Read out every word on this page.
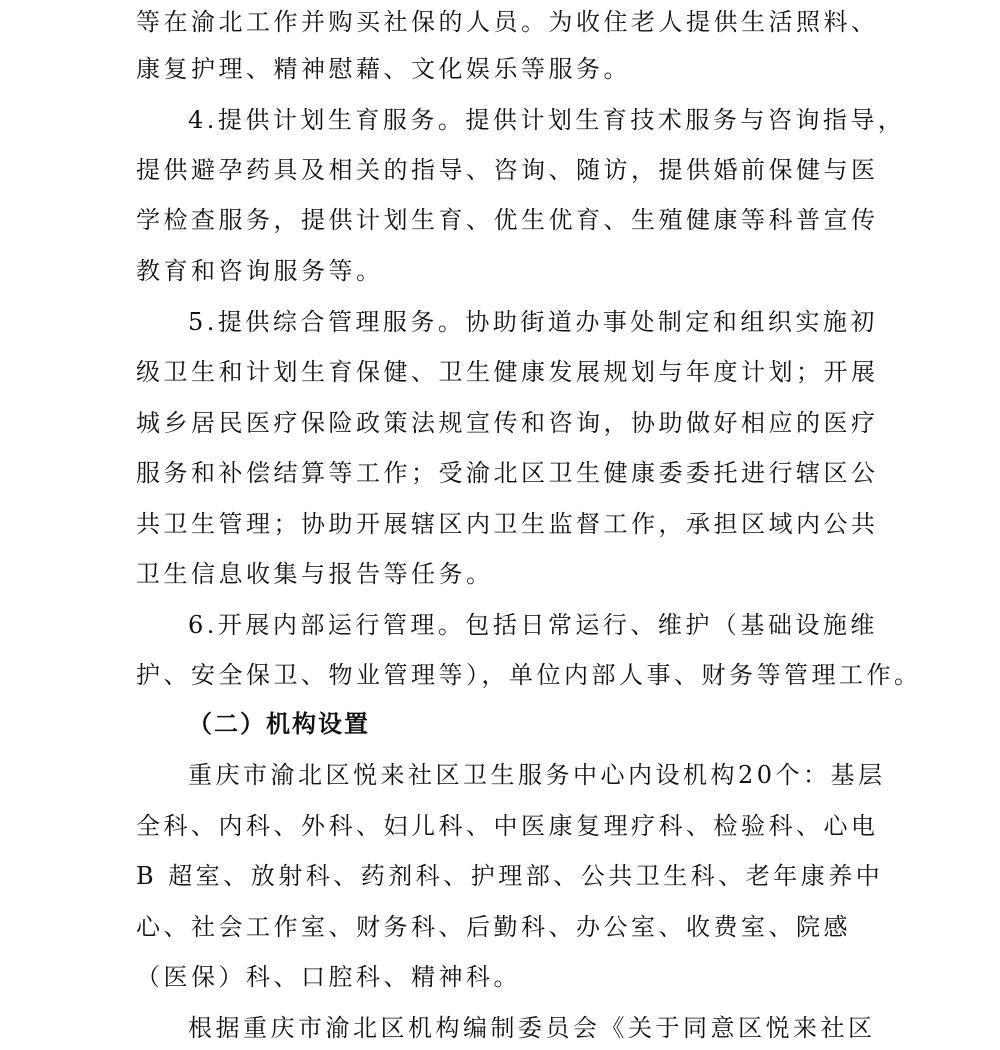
等在渝北工作并购买社保的人员。为收住老人提供生活照料、
康复护理、精神慰藉、文化娱乐等服务。
4.提供计划生育服务。提供计划生育技术服务与咨询指导，
提供避孕药具及相关的指导、咨询、随访，提供婚前保健与医
学检查服务，提供计划生育、优生优育、生殖健康等科普宣传
教育和咨询服务等。
5.提供综合管理服务。协助街道办事处制定和组织实施初
级卫生和计划生育保健、卫生健康发展规划与年度计划；开展
城乡居民医疗保险政策法规宣传和咨询，协助做好相应的医疗
服务和补偿结算等工作；受渝北区卫生健康委委托进行辖区公
共卫生管理；协助开展辖区内卫生监督工作，承担区域内公共
卫生信息收集与报告等任务。
6.开展内部运行管理。包括日常运行、维护（基础设施维
护、安全保卫、物业管理等），单位内部人事、财务等管理工作。
（二）机构设置
重庆市渝北区悦来社区卫生服务中心内设机构20个：基层
全科、内科、外科、妇儿科、中医康复理疗科、检验科、心电
B 超室、放射科、药剂科、护理部、公共卫生科、老年康养中
心、社会工作室、财务科、后勤科、办公室、收费室、院感
（医保）科、口腔科、精神科。
根据重庆市渝北区机构编制委员会《关于同意区悦来社区
